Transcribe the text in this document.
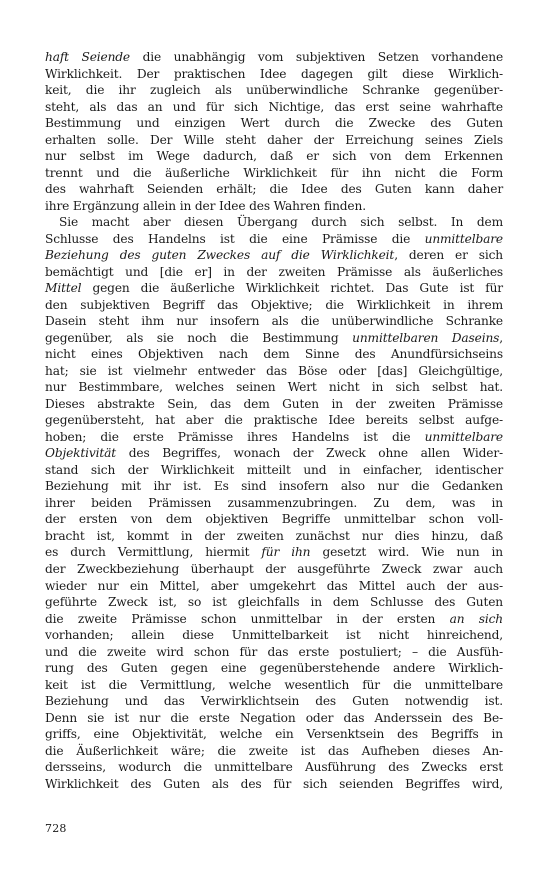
haft Seiende die unabhängig vom subjektiven Setzen vorhandene
Wirklichkeit. Der praktischen Idee dagegen gilt diese Wirklich-
keit, die ihr zugleich als unüberwindliche Schranke gegenüber-
steht, als das an und für sich Nichtige, das erst seine wahrhafte
Bestimmung und einzigen Wert durch die Zwecke des Guten
erhalten solle. Der Wille steht daher der Erreichung seines Ziels
nur selbst im Wege dadurch, daß er sich von dem Erkennen
trennt und die äußerliche Wirklichkeit für ihn nicht die Form
des wahrhaft Seienden erhält; die Idee des Guten kann daher
ihre Ergänzung allein in der Idee des Wahren finden.
Sie macht aber diesen Übergang durch sich selbst. In dem
Schlusse des Handelns ist die eine Prämisse die unmittelbare
Beziehung des guten Zweckes auf die Wirklichkeit, deren er sich
bemächtigt und [die er] in der zweiten Prämisse als äußerliches
Mittel gegen die äußerliche Wirklichkeit richtet. Das Gute ist für
den subjektiven Begriff das Objektive; die Wirklichkeit in ihrem
Dasein steht ihm nur insofern als die unüberwindliche Schranke
gegenüber, als sie noch die Bestimmung unmittelbaren Daseins,
nicht eines Objektiven nach dem Sinne des Anundfürsichseins
hat; sie ist vielmehr entweder das Böse oder [das] Gleichgültige,
nur Bestimmbare, welches seinen Wert nicht in sich selbst hat.
Dieses abstrakte Sein, das dem Guten in der zweiten Prämisse
gegenübersteht, hat aber die praktische Idee bereits selbst aufge-
hoben; die erste Prämisse ihres Handelns ist die unmittelbare
Objektivität des Begriffes, wonach der Zweck ohne allen Wider-
stand sich der Wirklichkeit mitteilt und in einfacher, identischer
Beziehung mit ihr ist. Es sind insofern also nur die Gedanken
ihrer beiden Prämissen zusammenzubringen. Zu dem, was in
der ersten von dem objektiven Begriffe unmittelbar schon voll-
bracht ist, kommt in der zweiten zunächst nur dies hinzu, daß
es durch Vermittlung, hiermit für ihn gesetzt wird. Wie nun in
der Zweckbeziehung überhaupt der ausgeführte Zweck zwar auch
wieder nur ein Mittel, aber umgekehrt das Mittel auch der aus-
geführte Zweck ist, so ist gleichfalls in dem Schlusse des Guten
die zweite Prämisse schon unmittelbar in der ersten an sich
vorhanden; allein diese Unmittelbarkeit ist nicht hinreichend,
und die zweite wird schon für das erste postuliert; – die Ausfüh-
rung des Guten gegen eine gegenüberstehende andere Wirklich-
keit ist die Vermittlung, welche wesentlich für die unmittelbare
Beziehung und das Verwirklichtsein des Guten notwendig ist.
Denn sie ist nur die erste Negation oder das Anderssein des Be-
griffs, eine Objektivität, welche ein Versenktsein des Begriffs in
die Äußerlichkeit wäre; die zweite ist das Aufheben dieses An-
dersseins, wodurch die unmittelbare Ausführung des Zwecks erst
Wirklichkeit des Guten als des für sich seienden Begriffes wird,
728
